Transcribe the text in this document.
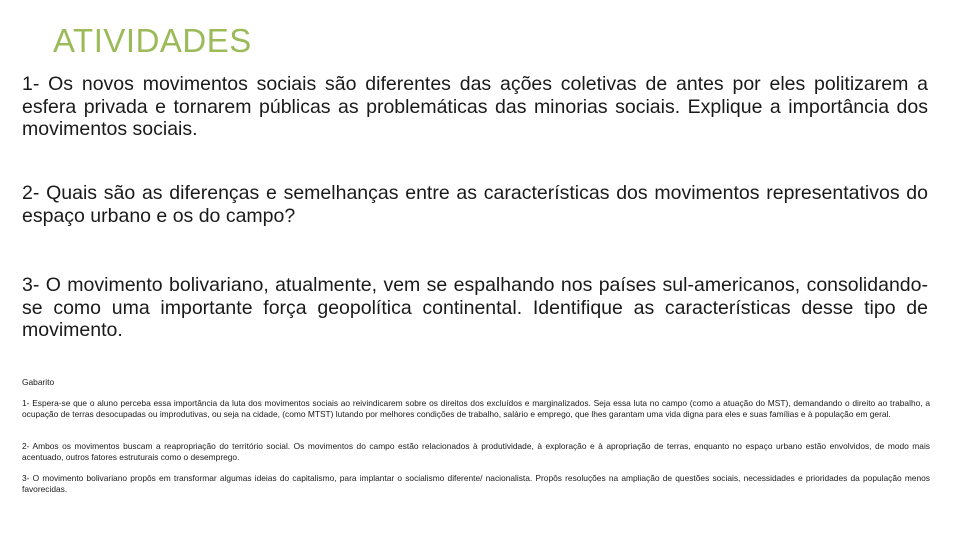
ATIVIDADES

1- Os novos movimentos sociais são diferentes das ações coletivas de antes por eles politizarem a esfera privada e tornarem públicas as problemáticas das minorias sociais. Explique a importância dos movimentos sociais.

2- Quais são as diferenças e semelhanças entre as características dos movimentos representativos do espaço urbano e os do campo?

3- O movimento bolivariano, atualmente, vem se espalhando nos países sul-americanos, consolidando-se como uma importante força geopolítica continental. Identifique as características desse tipo de movimento.

Gabarito

1- Espera-se que o aluno perceba essa importância da luta dos movimentos sociais ao reivindicarem sobre os direitos dos excluídos e marginalizados. Seja essa luta no campo (como a atuação do MST), demandando o direito ao trabalho, a ocupação de terras desocupadas ou improdutivas, ou seja na cidade, (como MTST) lutando por melhores condições de trabalho, salário e emprego, que lhes garantam uma vida digna para eles e suas famílias e à população em geral.

2- Ambos os movimentos buscam a reapropriação do território social. Os movimentos do campo estão relacionados à produtividade, à exploração e à apropriação de terras, enquanto no espaço urbano estão envolvidos, de modo mais acentuado, outros fatores estruturais como o desemprego.

3- O movimento bolivariano propôs em transformar algumas ideias do capitalismo, para implantar o socialismo diferente/ nacionalista. Propôs resoluções na ampliação de questões sociais, necessidades e prioridades da população menos favorecidas.
